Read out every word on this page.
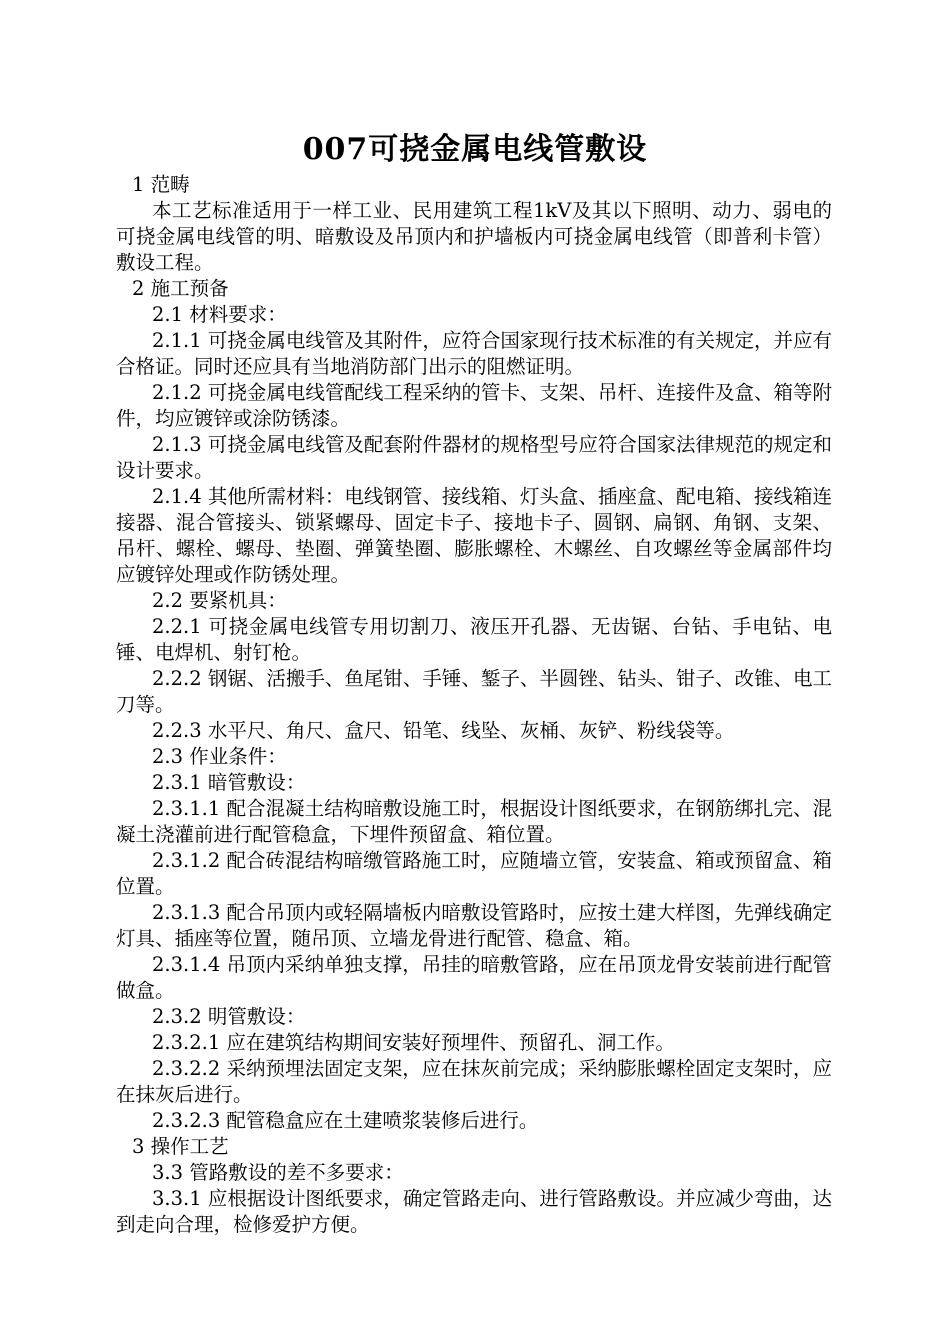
007可挠金属电线管敷设

1 范畴

本工艺标准适用于一样工业、民用建筑工程1kV及其以下照明、动力、弱电的可挠金属电线管的明、暗敷设及吊顶内和护墙板内可挠金属电线管（即普利卡管）敷设工程。

2 施工预备

2.1 材料要求：

2.1.1 可挠金属电线管及其附件，应符合国家现行技术标准的有关规定，并应有合格证。同时还应具有当地消防部门出示的阻燃证明。

2.1.2 可挠金属电线管配线工程采纳的管卡、支架、吊杆、连接件及盒、箱等附件，均应镀锌或涂防锈漆。

2.1.3 可挠金属电线管及配套附件器材的规格型号应符合国家法律规范的规定和设计要求。

2.1.4 其他所需材料：电线钢管、接线箱、灯头盒、插座盒、配电箱、接线箱连接器、混合管接头、锁紧螺母、固定卡子、接地卡子、圆钢、扁钢、角钢、支架、吊杆、螺栓、螺母、垫圈、弹簧垫圈、膨胀螺栓、木螺丝、自攻螺丝等金属部件均应镀锌处理或作防锈处理。

2.2 要紧机具：

2.2.1 可挠金属电线管专用切割刀、液压开孔器、无齿锯、台钻、手电钻、电锤、电焊机、射钉枪。

2.2.2 钢锯、活搬手、鱼尾钳、手锤、錾子、半圆锉、钻头、钳子、改锥、电工刀等。

2.2.3 水平尺、角尺、盒尺、铅笔、线坠、灰桶、灰铲、粉线袋等。

2.3 作业条件：

2.3.1 暗管敷设：

2.3.1.1 配合混凝土结构暗敷设施工时，根据设计图纸要求，在钢筋绑扎完、混凝土浇灌前进行配管稳盒，下埋件预留盒、箱位置。

2.3.1.2 配合砖混结构暗缴管路施工时，应随墙立管，安装盒、箱或预留盒、箱位置。

2.3.1.3 配合吊顶内或轻隔墙板内暗敷设管路时，应按土建大样图，先弹线确定灯具、插座等位置，随吊顶、立墙龙骨进行配管、稳盒、箱。

2.3.1.4 吊顶内采纳单独支撑，吊挂的暗敷管路，应在吊顶龙骨安装前进行配管做盒。

2.3.2 明管敷设：

2.3.2.1 应在建筑结构期间安装好预埋件、预留孔、洞工作。

2.3.2.2 采纳预埋法固定支架，应在抹灰前完成；采纳膨胀螺栓固定支架时，应在抹灰后进行。

2.3.2.3 配管稳盒应在土建喷浆装修后进行。

3 操作工艺

3.3 管路敷设的差不多要求：

3.3.1 应根据设计图纸要求，确定管路走向、进行管路敷设。并应减少弯曲，达到走向合理，检修爱护方便。
